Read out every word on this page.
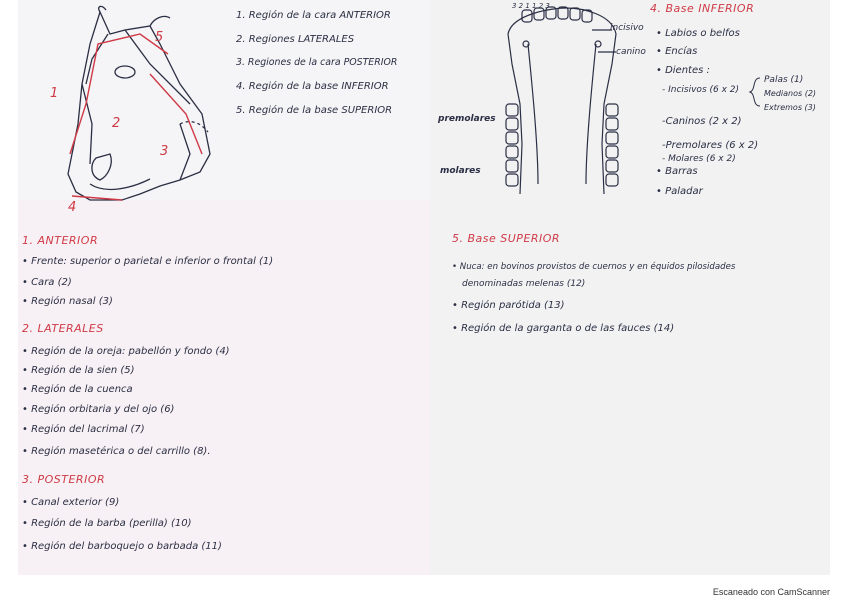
1
2
3
4
5
1. Región de la cara ANTERIOR
2. Regiones LATERALES
3. Regiones de la cara POSTERIOR
4. Región de la base INFERIOR
5. Región de la base SUPERIOR
3 2 1 1 2 3
incisivo
canino
premolares
molares
4. Base INFERIOR
• Labios o belfos
• Encías
• Dientes :
- Incisivos (6 x 2)
Palas (1)
Medianos (2)
Extremos (3)
-Caninos (2 x 2)
-Premolares (6 x 2)
- Molares (6 x 2)
• Barras
• Paladar
1. ANTERIOR
• Frente: superior o parietal e inferior o frontal (1)
• Cara (2)
• Región nasal (3)
2. LATERALES
• Región de la oreja: pabellón y fondo (4)
• Región de la sien (5)
• Región de la cuenca
• Región orbitaria y del ojo (6)
• Región del lacrimal (7)
• Región masetérica o del carrillo (8).
3. POSTERIOR
• Canal exterior (9)
• Región de la barba (perilla) (10)
• Región del barboquejo o barbada (11)
5. Base SUPERIOR
• Nuca: en bovinos provistos de cuernos y en équidos pilosidades
denominadas melenas (12)
• Región parótida (13)
• Región de la garganta o de las fauces (14)
Escaneado con CamScanner
